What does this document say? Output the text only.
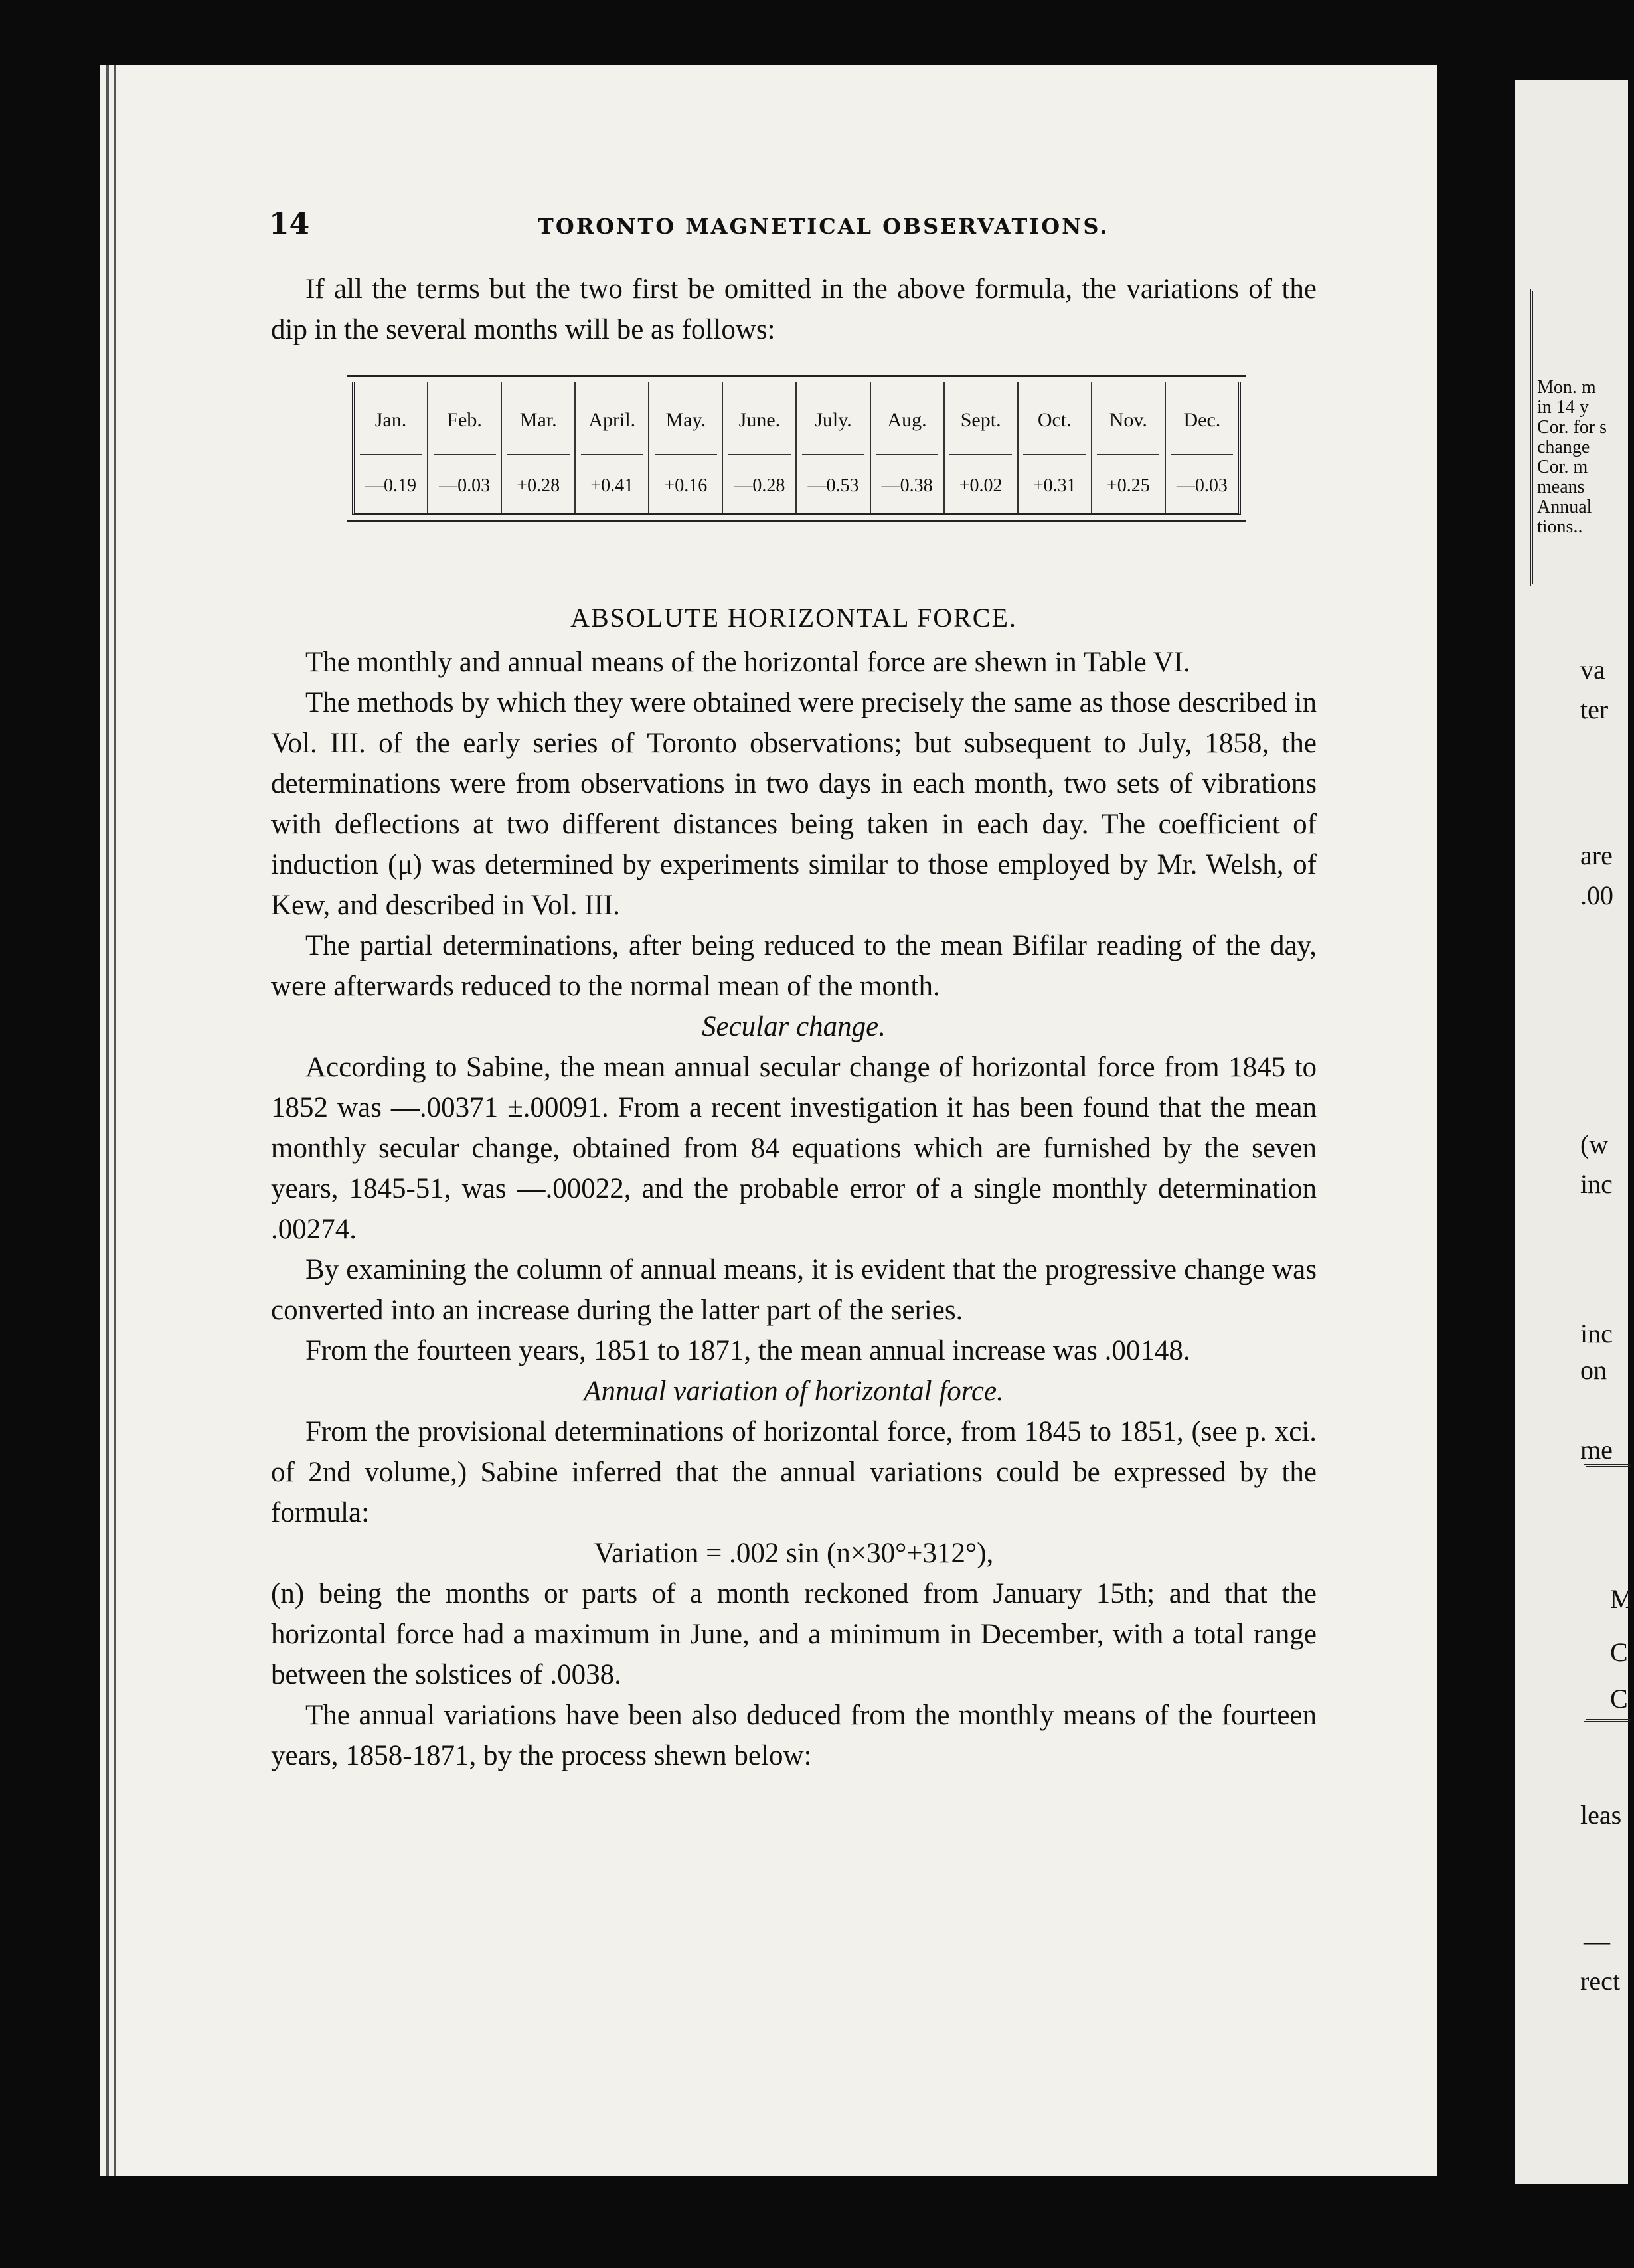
14	TORONTO MAGNETICAL OBSERVATIONS.

If all the terms but the two first be omitted in the above formula, the variations of the dip in the several months will be as follows:

Jan.
—0.19
Feb.
—0.03
Mar.
+0.28
April.
+0.41
May.
+0.16
June.
—0.28
July.
—0.53
Aug.
—0.38
Sept.
+0.02
Oct.
+0.31
Nov.
+0.25
Dec.
—0.03

ABSOLUTE HORIZONTAL FORCE.

The monthly and annual means of the horizontal force are shewn in Table VI.

The methods by which they were obtained were precisely the same as those described in Vol. III. of the early series of Toronto observations; but subsequent to July, 1858, the determinations were from observations in two days in each month, two sets of vibrations with deflections at two different distances being taken in each day. The coefficient of induction (μ) was determined by experiments similar to those employed by Mr. Welsh, of Kew, and described in Vol. III.

The partial determinations, after being reduced to the mean Bifilar reading of the day, were afterwards reduced to the normal mean of the month.

Secular change.

According to Sabine, the mean annual secular change of horizontal force from 1845 to 1852 was —.00371 ±.00091. From a recent investigation it has been found that the mean monthly secular change, obtained from 84 equations which are furnished by the seven years, 1845-51, was —.00022, and the probable error of a single monthly determination .00274.

By examining the column of annual means, it is evident that the progressive change was converted into an increase during the latter part of the series.

From the fourteen years, 1851 to 1871, the mean annual increase was .00148.

Annual variation of horizontal force.

From the provisional determinations of horizontal force, from 1845 to 1851, (see p. xci. of 2nd volume,) Sabine inferred that the annual variations could be expressed by the formula:

Variation = .002 sin (n×30°+312°),

(n) being the months or parts of a month reckoned from January 15th; and that the horizontal force had a maximum in June, and a minimum in December, with a total range between the solstices of .0038.

The annual variations have been also deduced from the monthly means of the fourteen years, 1858-1871, by the process shewn below:

Mon. m
in 14 y
Cor. for s
change
Cor. m
means
Annual
tions..
va
ter
are
.00
(w
inc
inc
on
me
M
C
C
leas
—
rect
